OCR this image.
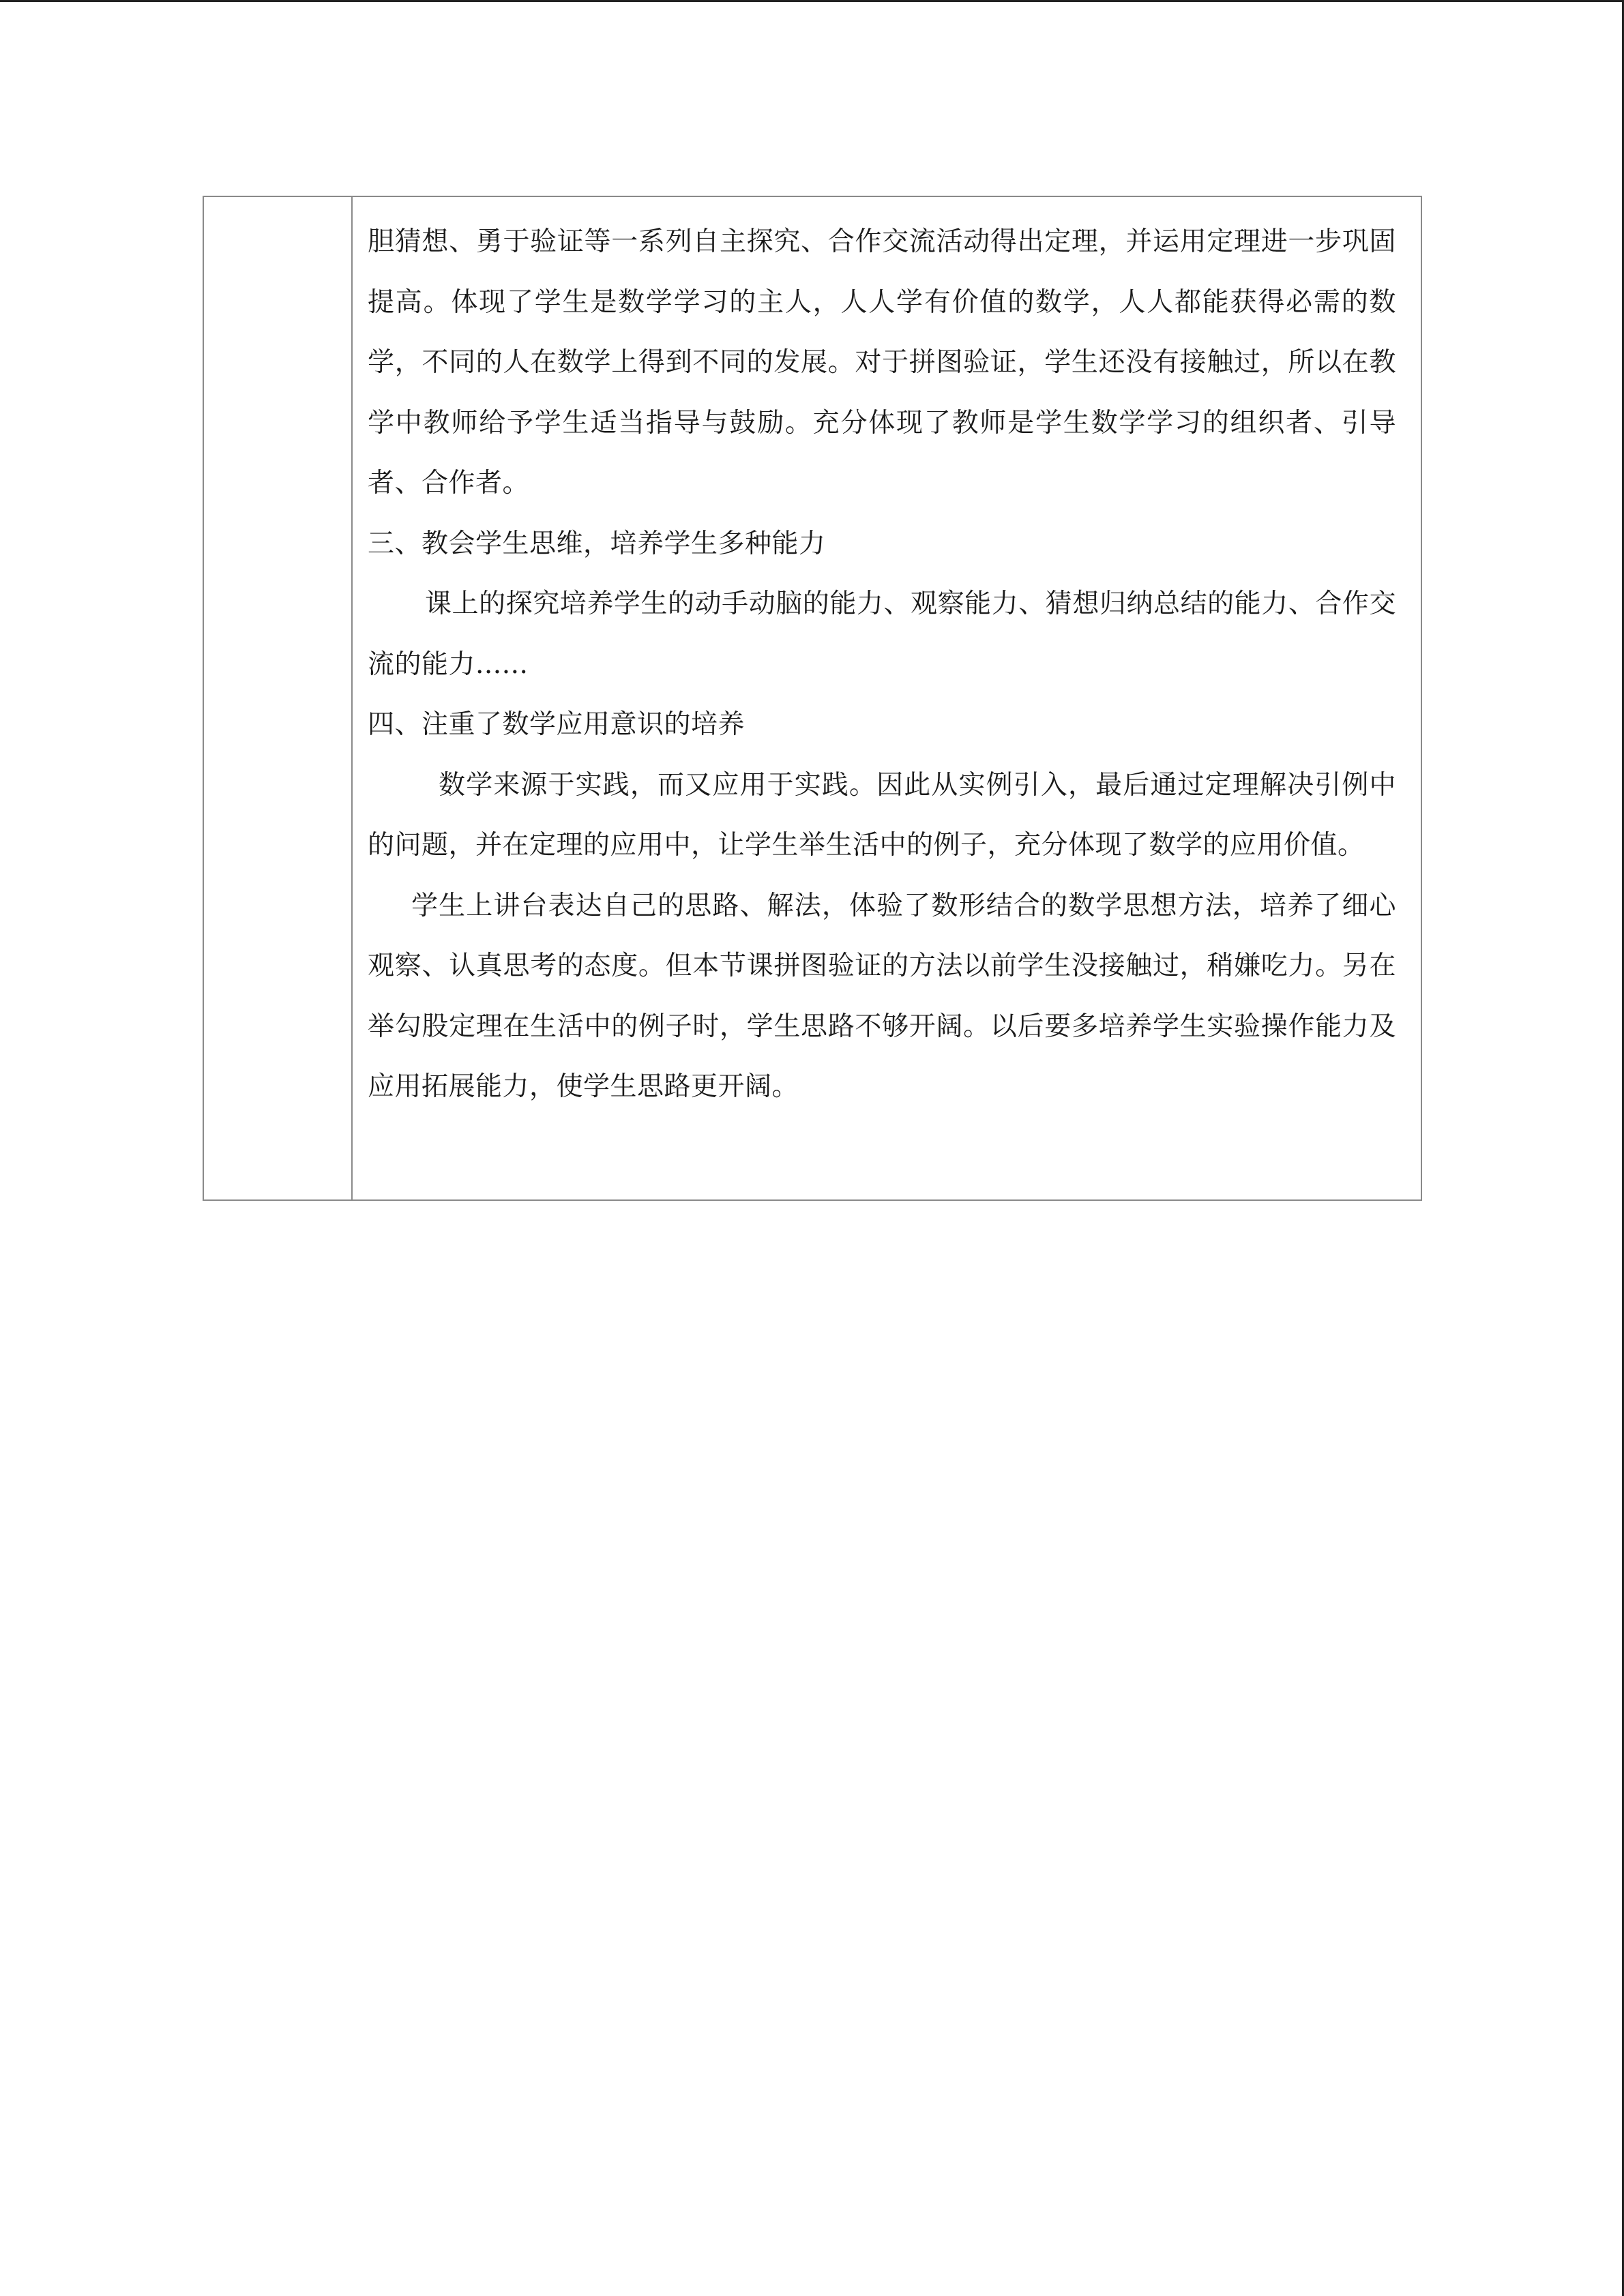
胆猜想、勇于验证等一系列自主探究、合作交流活动得出定理，并运用定理进一步巩固提高。体现了学生是数学学习的主人，人人学有价值的数学，人人都能获得必需的数学，不同的人在数学上得到不同的发展。对于拼图验证，学生还没有接触过，所以在教学中教师给予学生适当指导与鼓励。充分体现了教师是学生数学学习的组织者、引导者、合作者。

三、教会学生思维，培养学生多种能力

课上的探究培养学生的动手动脑的能力、观察能力、猜想归纳总结的能力、合作交流的能力......

四、注重了数学应用意识的培养

数学来源于实践，而又应用于实践。因此从实例引入，最后通过定理解决引例中的问题，并在定理的应用中，让学生举生活中的例子，充分体现了数学的应用价值。

学生上讲台表达自己的思路、解法，体验了数形结合的数学思想方法，培养了细心观察、认真思考的态度。但本节课拼图验证的方法以前学生没接触过，稍嫌吃力。另在举勾股定理在生活中的例子时，学生思路不够开阔。以后要多培养学生实验操作能力及应用拓展能力，使学生思路更开阔。
